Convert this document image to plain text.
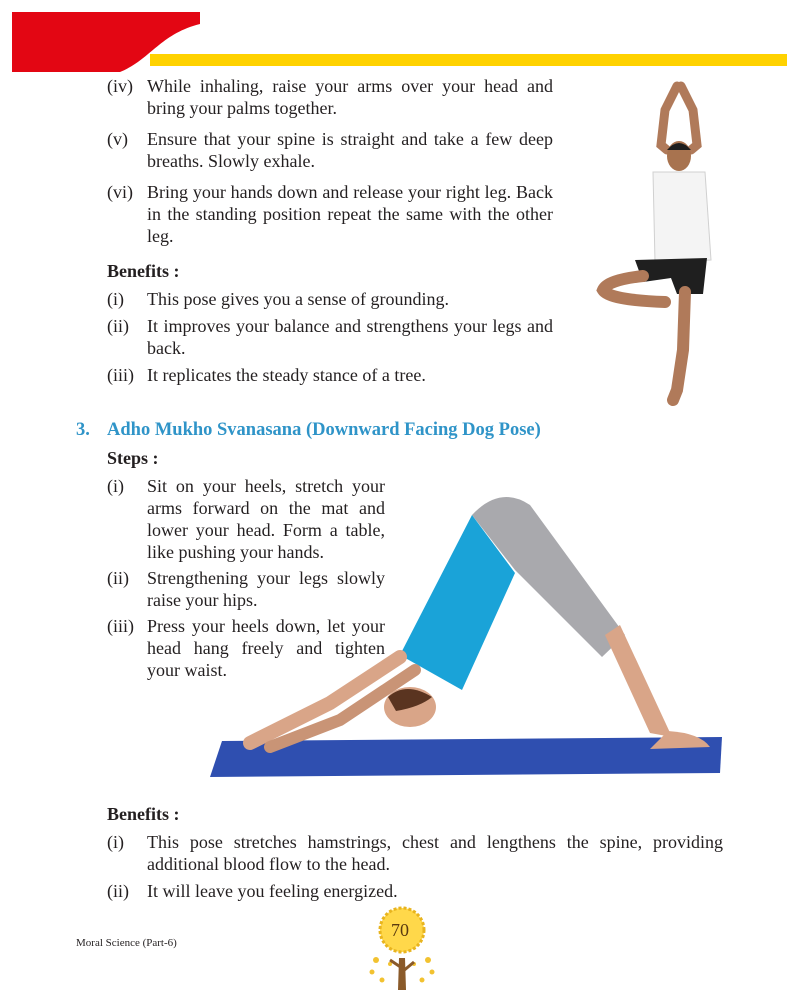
(iv) While inhaling, raise your arms over your head and bring your palms together.
(v)	Ensure that your spine is straight and take a few deep breaths. Slowly exhale.
(vi) Bring your hands down and release your right leg. Back in the standing position repeat the same with the other leg.
Benefits :
(i)	This pose gives you a sense of grounding.
(ii)	It improves your balance and strengthens your legs and back.
(iii) It replicates the steady stance of a tree.
3. Adho Mukho Svanasana (Downward Facing Dog Pose)
Steps :
(i)	Sit on your heels, stretch your arms forward on the mat and lower your head. Form a table, like pushing your hands.
(ii)	Strengthening your legs slowly raise your hips.
(iii) Press your heels down, let your head hang freely and tighten your waist.
Benefits :
(i)	This pose stretches hamstrings, chest and lengthens the spine, providing additional blood flow to the head.
(ii)	It will leave you feeling energized.
Moral Science (Part-6)
70
